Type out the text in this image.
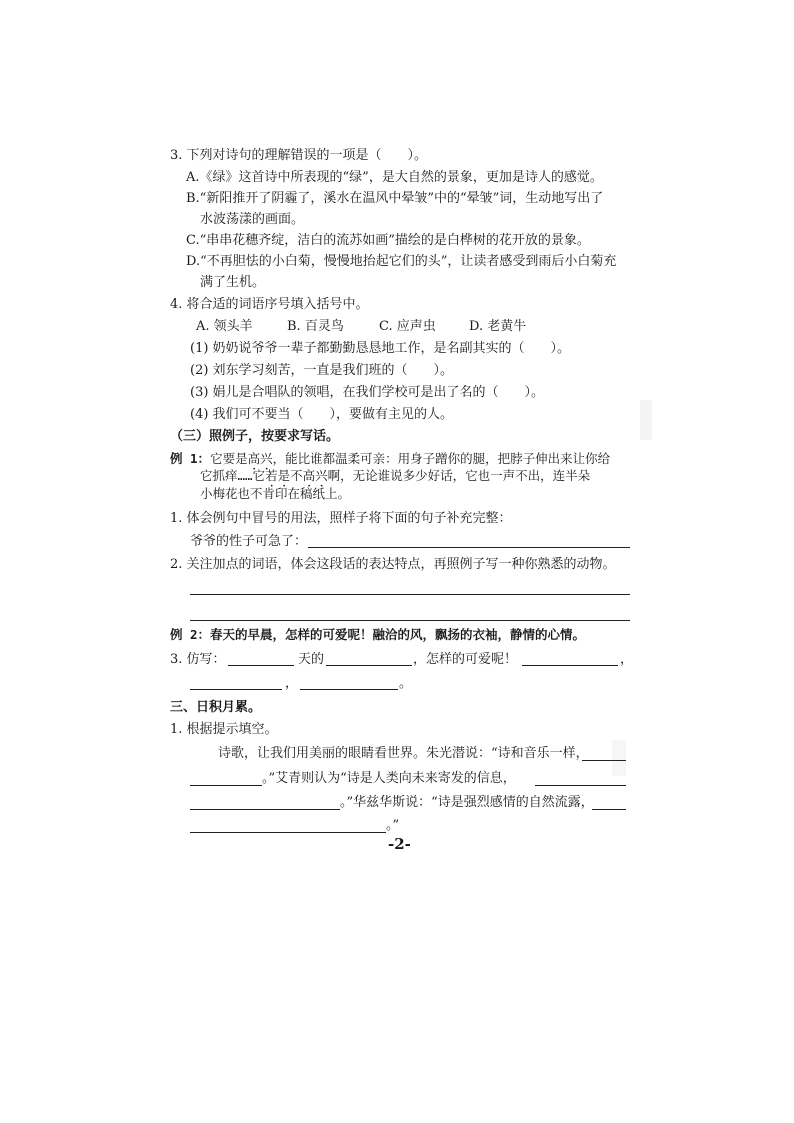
3. 下列对诗句的理解错误的一项是（　　）。
A.《绿》这首诗中所表现的“绿”，是大自然的景象，更加是诗人的感觉。
B.“新阳推开了阴霾了，溪水在温风中晕皱”中的“晕皱”词，生动地写出了
水波荡漾的画面。
C.“串串花穗齐绽，洁白的流苏如画”描绘的是白桦树的花开放的景象。
D.“不再胆怯的小白菊，慢慢地抬起它们的头”，让读者感受到雨后小白菊充
满了生机。
4. 将合适的词语序号填入括号中。
A. 领头羊	B. 百灵鸟	C. 应声虫	D. 老黄牛
(1) 奶奶说爷爷一辈子都勤勤恳恳地工作，是名副其实的（　　）。
(2) 刘东学习刻苦，一直是我们班的（　　）。
(3) 娟儿是合唱队的领唱，在我们学校可是出了名的（　　）。
(4) 我们可不要当（　　），要做有主见的人。
（三）照例子，按要求写话。
例 1：它要是高兴，能比谁都温柔可亲：用身子蹭你的腿，把脖子伸出来让你给
它抓痒……它若是不高兴啊，无论谁说多少好话，它也一声不出，连半朵
小梅花也不肯印在稿纸上。
1. 体会例句中冒号的用法，照样子将下面的句子补充完整：
爷爷的性子可急了：
2. 关注加点的词语，体会这段话的表达特点，再照例子写一种你熟悉的动物。
例 2：春天的早晨，怎样的可爱呢！融洽的风，飘扬的衣袖，静情的心情。
3. 仿写：	天的	，怎样的可爱呢！	，
，	。
三、日积月累。
1. 根据提示填空。
诗歌，让我们用美丽的眼睛看世界。朱光潜说：“诗和音乐一样，
。”艾青则认为“诗是人类向未来寄发的信息，
。”华兹华斯说：“诗是强烈感情的自然流露，
。”
-2-
